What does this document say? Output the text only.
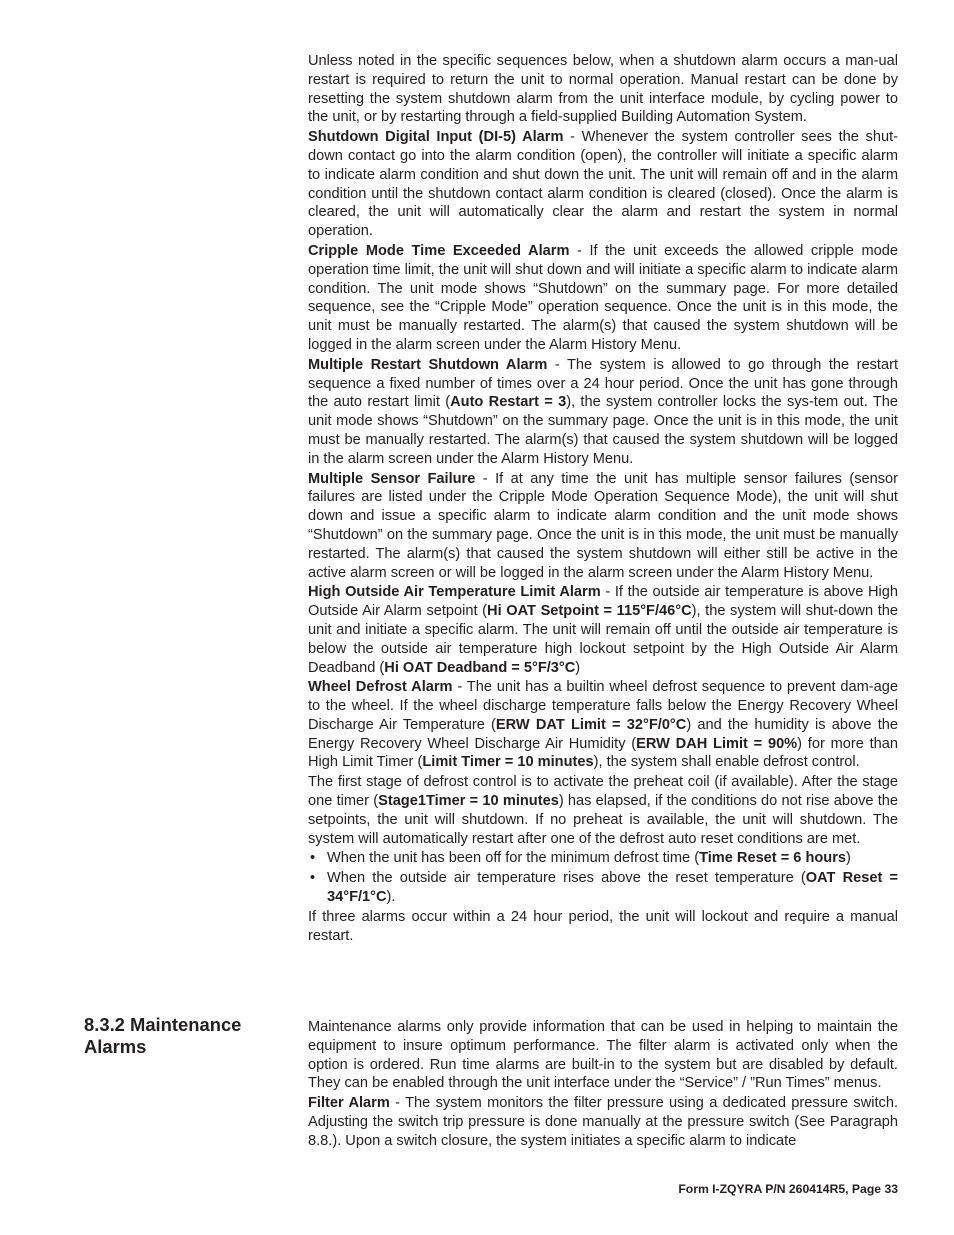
Unless noted in the specific sequences below, when a shutdown alarm occurs a man-ual restart is required to return the unit to normal operation. Manual restart can be done by resetting the system shutdown alarm from the unit interface module, by cycling power to the unit, or by restarting through a field-supplied Building Automation System.

Shutdown Digital Input (DI-5) Alarm - Whenever the system controller sees the shut-down contact go into the alarm condition (open), the controller will initiate a specific alarm to indicate alarm condition and shut down the unit. The unit will remain off and in the alarm condition until the shutdown contact alarm condition is cleared (closed). Once the alarm is cleared, the unit will automatically clear the alarm and restart the system in normal operation.

Cripple Mode Time Exceeded Alarm - If the unit exceeds the allowed cripple mode operation time limit, the unit will shut down and will initiate a specific alarm to indicate alarm condition. The unit mode shows “Shutdown” on the summary page. For more detailed sequence, see the “Cripple Mode” operation sequence. Once the unit is in this mode, the unit must be manually restarted. The alarm(s) that caused the system shutdown will be logged in the alarm screen under the Alarm History Menu.

Multiple Restart Shutdown Alarm - The system is allowed to go through the restart sequence a fixed number of times over a 24 hour period. Once the unit has gone through the auto restart limit (Auto Restart = 3), the system controller locks the sys-tem out. The unit mode shows “Shutdown” on the summary page. Once the unit is in this mode, the unit must be manually restarted. The alarm(s) that caused the system shutdown will be logged in the alarm screen under the Alarm History Menu.

Multiple Sensor Failure - If at any time the unit has multiple sensor failures (sensor failures are listed under the Cripple Mode Operation Sequence Mode), the unit will shut down and issue a specific alarm to indicate alarm condition and the unit mode shows “Shutdown” on the summary page. Once the unit is in this mode, the unit must be manually restarted. The alarm(s) that caused the system shutdown will either still be active in the active alarm screen or will be logged in the alarm screen under the Alarm History Menu.

High Outside Air Temperature Limit Alarm - If the outside air temperature is above High Outside Air Alarm setpoint (Hi OAT Setpoint = 115°F/46°C), the system will shut-down the unit and initiate a specific alarm. The unit will remain off until the outside air temperature is below the outside air temperature high lockout setpoint by the High Outside Air Alarm Deadband (Hi OAT Deadband = 5°F/3°C)

Wheel Defrost Alarm - The unit has a builtin wheel defrost sequence to prevent dam-age to the wheel. If the wheel discharge temperature falls below the Energy Recovery Wheel Discharge Air Temperature (ERW DAT Limit = 32°F/0°C) and the humidity is above the Energy Recovery Wheel Discharge Air Humidity (ERW DAH Limit = 90%) for more than High Limit Timer (Limit Timer = 10 minutes), the system shall enable defrost control.

The first stage of defrost control is to activate the preheat coil (if available). After the stage one timer (Stage1Timer = 10 minutes) has elapsed, if the conditions do not rise above the setpoints, the unit will shutdown. If no preheat is available, the unit will shutdown. The system will automatically restart after one of the defrost auto reset conditions are met.

• When the unit has been off for the minimum defrost time (Time Reset = 6 hours)
• When the outside air temperature rises above the reset temperature (OAT Reset = 34°F/1°C).

If three alarms occur within a 24 hour period, the unit will lockout and require a manual restart.

8.3.2 Maintenance Alarms

Maintenance alarms only provide information that can be used in helping to maintain the equipment to insure optimum performance. The filter alarm is activated only when the option is ordered. Run time alarms are built-in to the system but are disabled by default. They can be enabled through the unit interface under the “Service” / ”Run Times” menus.

Filter Alarm - The system monitors the filter pressure using a dedicated pressure switch. Adjusting the switch trip pressure is done manually at the pressure switch (See Paragraph 8.8.). Upon a switch closure, the system initiates a specific alarm to indicate

Form I-ZQYRA P/N 260414R5, Page 33
